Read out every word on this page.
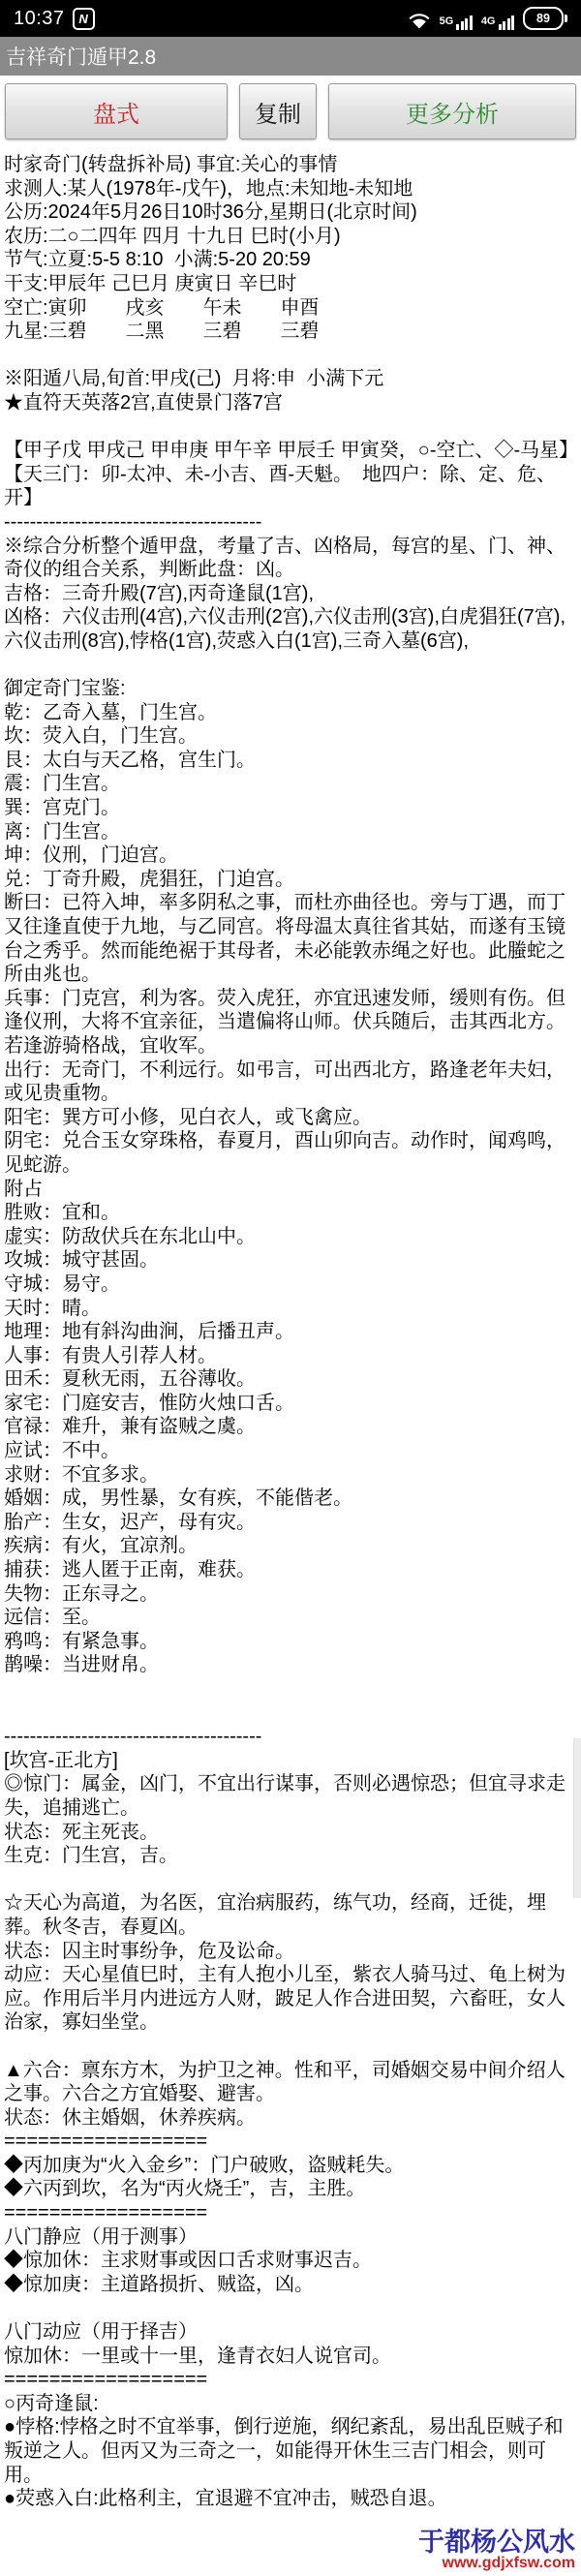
10:37	N	5G	4G	89
吉祥奇门遁甲2.8
盘式	复制	更多分析
时家奇门(转盘拆补局) 事宜:关心的事情
求测人:某人(1978年-戊午)，地点:未知地-未知地
公历:2024年5月26日10时36分,星期日(北京时间)
农历:二○二四年 四月 十九日 巳时(小月)
节气:立夏:5-5 8:10  小满:5-20 20:59
干支:甲辰年 己巳月 庚寅日 辛巳时
空亡:寅卯　　戌亥　　午未　　申酉
九星:三碧　　二黑　　三碧　　三碧

※阳遁八局,旬首:甲戌(己)  月将:申  小满下元
★直符天英落2宫,直使景门落7宫

【甲子戊 甲戌己 甲申庚 甲午辛 甲辰壬 甲寅癸，○-空亡、◇-马星】
【天三门：卯-太冲、未-小吉、酉-天魁。　地四户：除、定、危、开】
----------------------------------------
※综合分析整个遁甲盘，考量了吉、凶格局，每宫的星、门、神、奇仪的组合关系，判断此盘：凶。
吉格：三奇升殿(7宫),丙奇逢鼠(1宫),
凶格：六仪击刑(4宫),六仪击刑(2宫),六仪击刑(3宫),白虎猖狂(7宫),六仪击刑(8宫),悖格(1宫),荧惑入白(1宫),三奇入墓(6宫),

御定奇门宝鉴:
乾：乙奇入墓，门生宫。
坎：荧入白，门生宫。
艮：太白与天乙格，宫生门。
震：门生宫。
巽：宫克门。
离：门生宫。
坤：仪刑，门迫宫。
兑：丁奇升殿，虎猖狂，门迫宫。
断曰：已符入坤，率多阴私之事，而杜亦曲径也。旁与丁遇，而丁又往逢直使于九地，与乙同宫。将母温太真往省其姑，而遂有玉镜台之秀乎。然而能绝裾于其母者，未必能敦赤绳之好也。此螣蛇之所由兆也。
兵事：门克宫，利为客。荧入虎狂，亦宜迅速发师，缓则有伤。但逢仪刑，大将不宜亲征，当遣偏将山师。伏兵随后，击其西北方。若逢游骑格战，宜收军。
出行：无奇门，不利远行。如弔言，可出西北方，路逢老年夫妇，或见贵重物。
阳宅：巽方可小修，见白衣人，或飞禽应。
阴宅：兑合玉女穿珠格，春夏月，酉山卯向吉。动作时，闻鸡鸣，见蛇游。
附占
胜败：宜和。
虚实：防敌伏兵在东北山中。
攻城：城守甚固。
守城：易守。
天时：晴。
地理：地有斜沟曲涧，后播丑声。
人事：有贵人引荐人材。
田禾：夏秋无雨，五谷薄收。
家宅：门庭安吉，惟防火烛口舌。
官禄：难升，兼有盗贼之虞。
应试：不中。
求财：不宜多求。
婚姻：成，男性暴，女有疾，不能偕老。
胎产：生女，迟产，母有灾。
疾病：有火，宜凉剂。
捕获：逃人匿于正南，难获。
失物：正东寻之。
远信：至。
鸦鸣：有紧急事。
鹊噪：当进财帛。

----------------------------------------
[坎宫-正北方]
◎惊门：属金，凶门，不宜出行谋事，否则必遇惊恐；但宜寻求走失，追捕逃亡。
状态：死主死丧。
生克：门生宫，吉。

☆天心为高道，为名医，宜治病服药，练气功，经商，迁徙，埋葬。秋冬吉，春夏凶。
状态：囚主时事纷争，危及讼命。
动应：天心星值巳时，主有人抱小儿至，紫衣人骑马过、龟上树为应。作用后半月内进远方人财，跛足人作合进田契，六畜旺，女人治家，寡妇坐堂。

▲六合：禀东方木，为护卫之神。性和平，司婚姻交易中间介绍人之事。六合之方宜婚娶、避害。
状态：休主婚姻，休养疾病。
==================
◆丙加庚为“火入金乡”：门户破败，盗贼耗失。
◆六丙到坎，名为“丙火烧壬”，吉，主胜。
==================
八门静应（用于测事）
◆惊加休：主求财事或因口舌求财事迟吉。
◆惊加庚：主道路损折、贼盗，凶。

八门动应（用于择吉）
惊加休：一里或十一里，逢青衣妇人说官司。
==================
○丙奇逢鼠:
●悖格:悖格之时不宜举事，倒行逆施，纲纪紊乱，易出乱臣贼子和叛逆之人。但丙又为三奇之一，如能得开休生三吉门相会，则可用。
●荧惑入白:此格利主，宜退避不宜冲击，贼恐自退。
于都杨公风水
www.gdjxfsw.com
